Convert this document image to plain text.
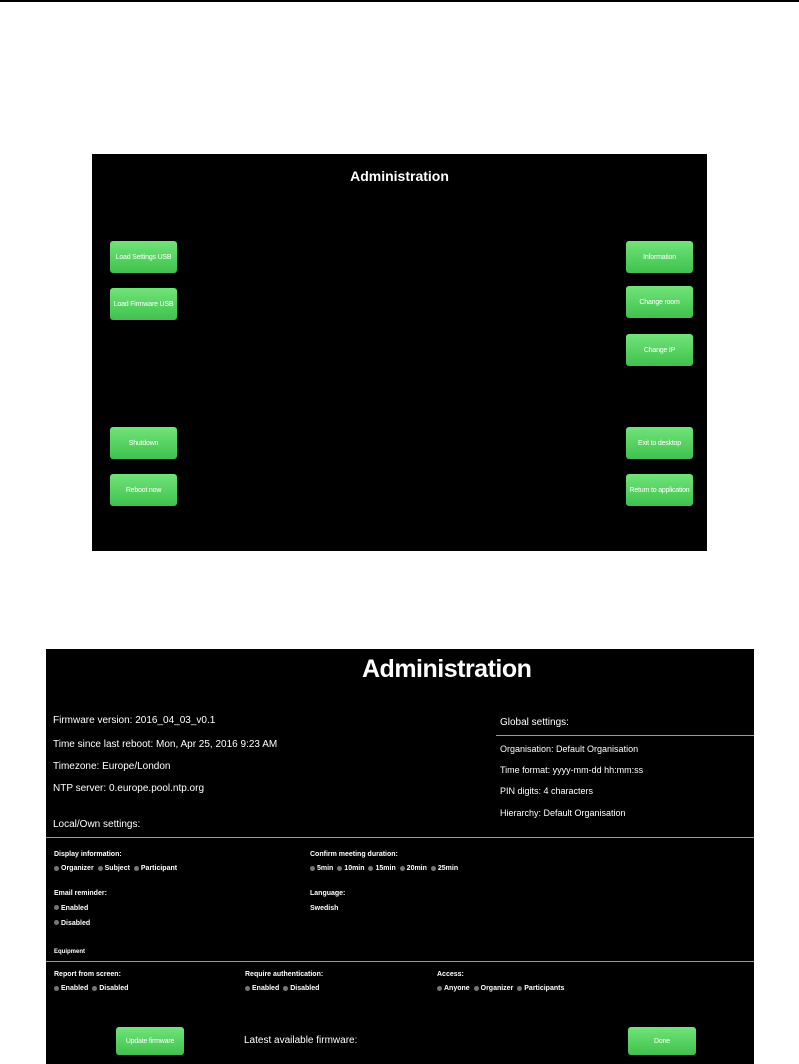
Administration
Load Settings USB
Load Firmware USB
Shutdown
Reboot now
Information
Change room
Change IP
Exit to desktop
Return to application
Administration
Firmware version: 2016_04_03_v0.1
Time since last reboot: Mon, Apr 25, 2016 9:23 AM
Timezone: Europe/London
NTP server: 0.europe.pool.ntp.org
Global settings:
Organisation: Default Organisation
Time format: yyyy-mm-dd hh:mm:ss
PIN digits: 4 characters
Hierarchy: Default Organisation
Local/Own settings:
Display information:
Organizer
Subject
Participant
Confirm meeting duration:
5min
10min
15min
20min
25min
Email reminder:
Enabled
Disabled
Language:
Swedish
Equipment
Report from screen:
Enabled
Disabled
Require authentication:
Enabled
Disabled
Access:
Anyone
Organizer
Participants
Update firmware	Latest available firmware:	Done
